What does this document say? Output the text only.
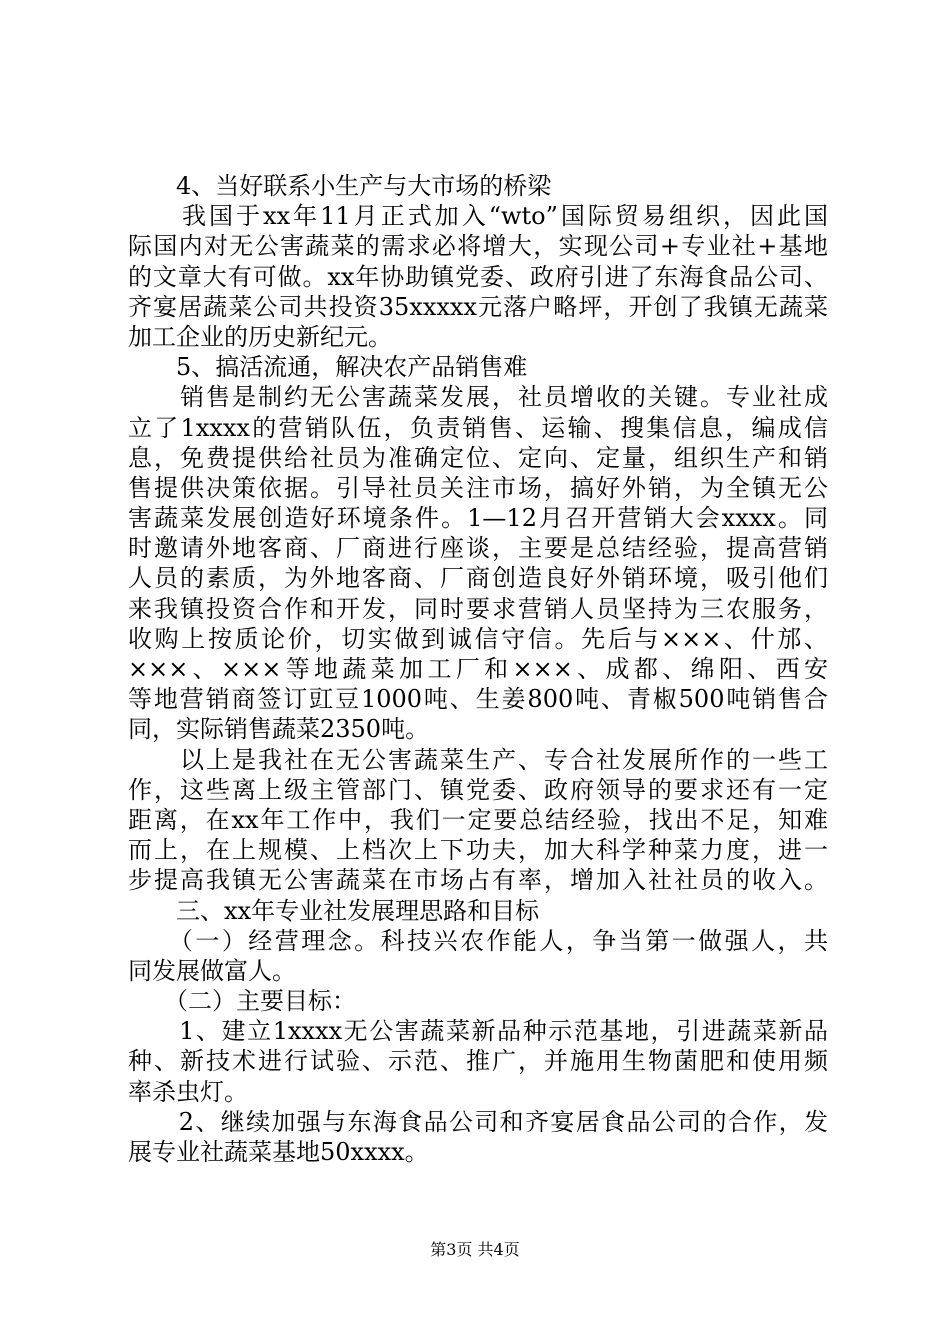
　　4、当好联系小生产与大市场的桥梁
　　我国于xx年11月正式加入“wto”国际贸易组织，因此国
际国内对无公害蔬菜的需求必将增大，实现公司+专业社+基地
的文章大有可做。xx年协助镇党委、政府引进了东海食品公司、
齐宴居蔬菜公司共投资35xxxxx元落户略坪，开创了我镇无蔬菜
加工企业的历史新纪元。
　　5、搞活流通，解决农产品销售难
　　销售是制约无公害蔬菜发展，社员增收的关键。专业社成
立了1xxxx的营销队伍，负责销售、运输、搜集信息，编成信
息，免费提供给社员为准确定位、定向、定量，组织生产和销
售提供决策依据。引导社员关注市场，搞好外销，为全镇无公
害蔬菜发展创造好环境条件。1—12月召开营销大会xxxx。同
时邀请外地客商、厂商进行座谈，主要是总结经验，提高营销
人员的素质，为外地客商、厂商创造良好外销环境，吸引他们
来我镇投资合作和开发，同时要求营销人员坚持为三农服务，
收购上按质论价，切实做到诚信守信。先后与×××、什邡、
×××、×××等地蔬菜加工厂和×××、成都、绵阳、西安
等地营销商签订豇豆1000吨、生姜800吨、青椒500吨销售合
同，实际销售蔬菜2350吨。
　　以上是我社在无公害蔬菜生产、专合社发展所作的一些工
作，这些离上级主管部门、镇党委、政府领导的要求还有一定
距离，在xx年工作中，我们一定要总结经验，找出不足，知难
而上，在上规模、上档次上下功夫，加大科学种菜力度，进一
步提高我镇无公害蔬菜在市场占有率，增加入社社员的收入。
　　三、xx年专业社发展理思路和目标
　　（一）经营理念。科技兴农作能人，争当第一做强人，共
同发展做富人。
　　（二）主要目标：
　　1、建立1xxxx无公害蔬菜新品种示范基地，引进蔬菜新品
种、新技术进行试验、示范、推广，并施用生物菌肥和使用频
率杀虫灯。
　　2、继续加强与东海食品公司和齐宴居食品公司的合作，发
展专业社蔬菜基地50xxxx。
第3页 共4页
